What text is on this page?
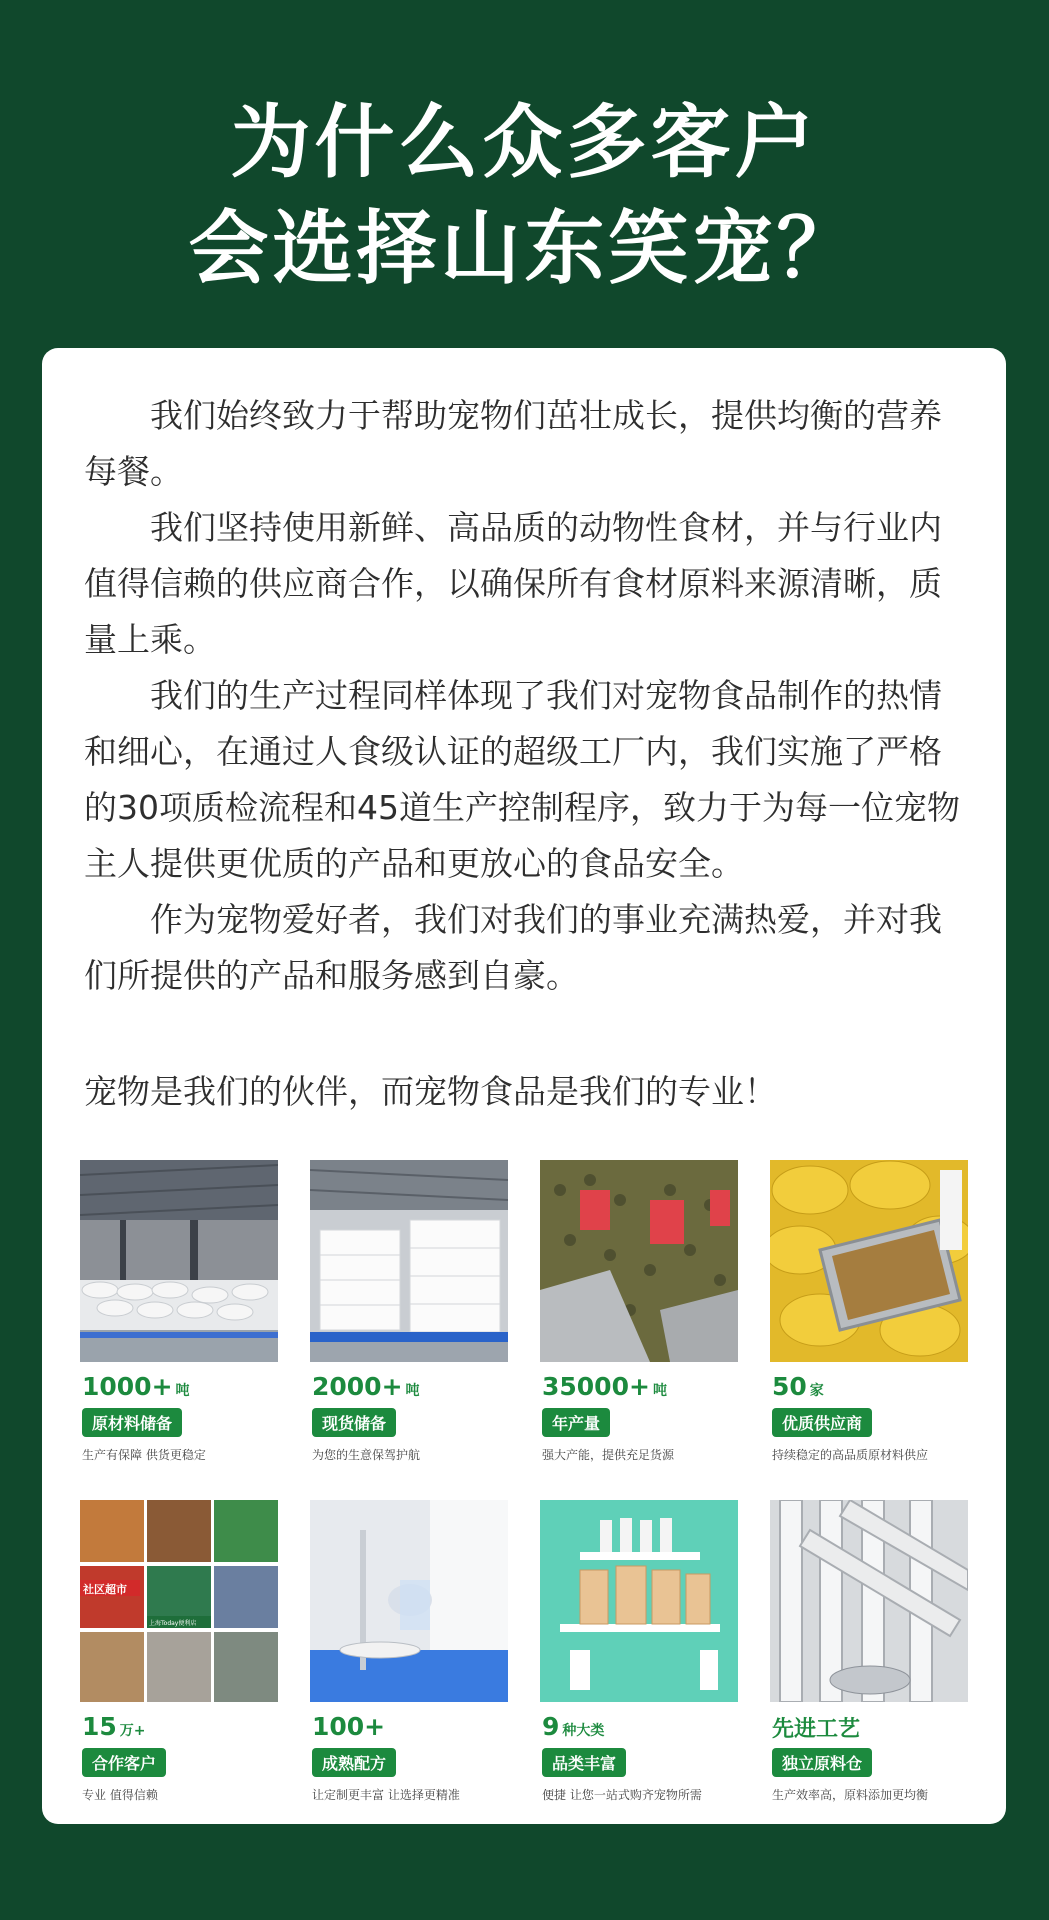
为什么众多客户
会选择山东笑宠？

我们始终致力于帮助宠物们茁壮成长，提供均衡的营养每餐。

我们坚持使用新鲜、高品质的动物性食材，并与行业内值得信赖的供应商合作，以确保所有食材原料来源清晰，质量上乘。

我们的生产过程同样体现了我们对宠物食品制作的热情和细心，在通过人食级认证的超级工厂内，我们实施了严格的30项质检流程和45道生产控制程序，致力于为每一位宠物主人提供更优质的产品和更放心的食品安全。

作为宠物爱好者，我们对我们的事业充满热爱，并对我们所提供的产品和服务感到自豪。

宠物是我们的伙伴，而宠物食品是我们的专业！
1000+ 吨
原材料储备
生产有保障 供货更稳定
2000+ 吨
现货储备
为您的生意保驾护航
35000+ 吨
年产量
强大产能，提供充足货源
50 家
优质供应商
持续稳定的高品质原材料供应
社区超市
上海Today便利店
15 万+
合作客户
专业 值得信赖
100+
成熟配方
让定制更丰富 让选择更精准
9 种大类
品类丰富
便捷 让您一站式购齐宠物所需
先进工艺
独立原料仓
生产效率高，原料添加更均衡
